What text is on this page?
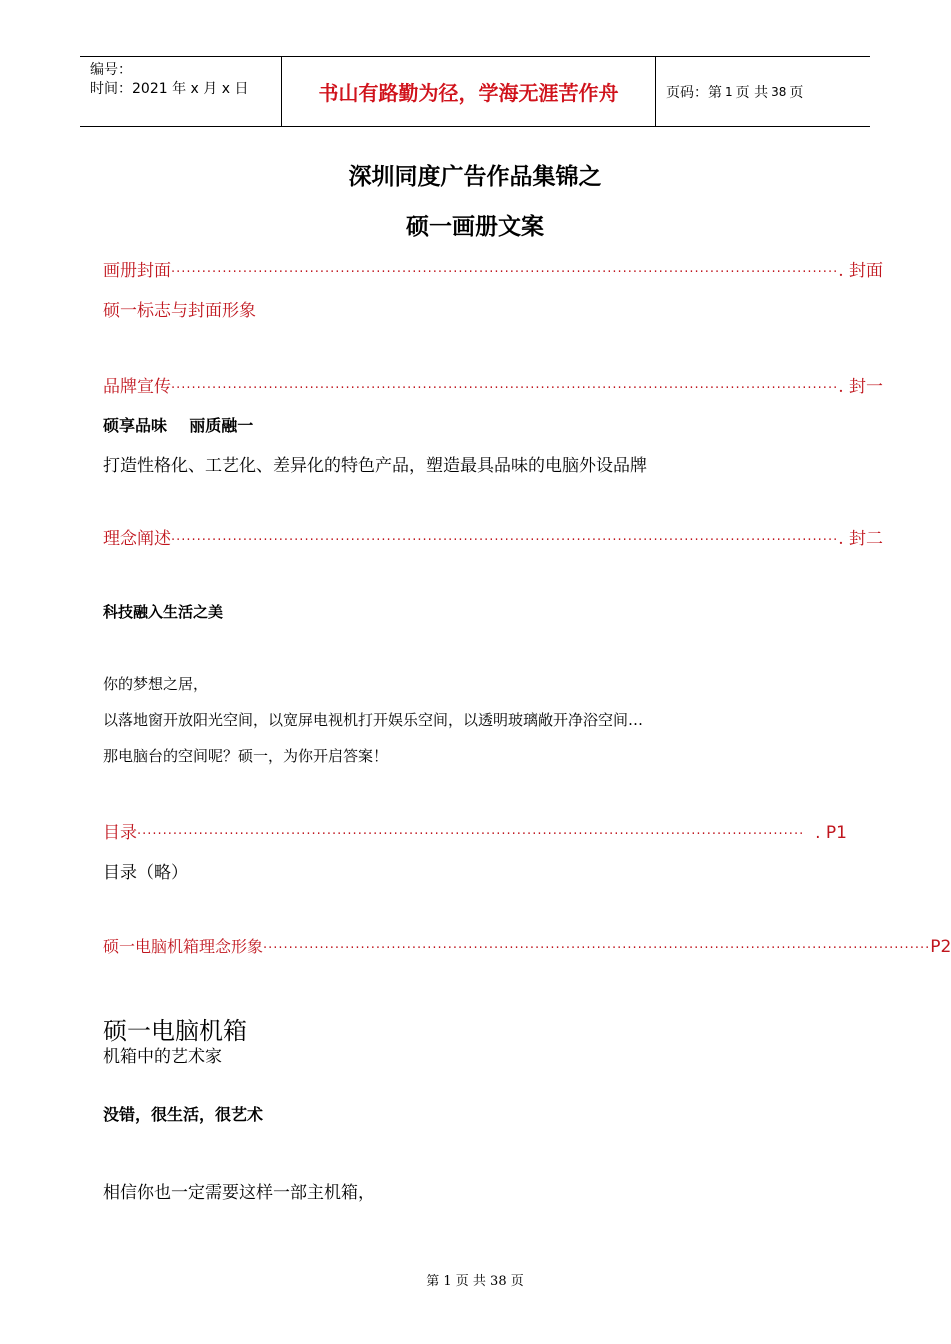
编号：
时间：2021 年 x 月 x 日	书山有路勤为径，学海无涯苦作舟	页码：第 1 页 共 38 页
深圳同度广告作品集锦之
硕一画册文案
画册封面 ·································································································································· . 封面
硕一标志与封面形象
品牌宣传 ·································································································································· . 封一
硕享品味    丽质融一
打造性格化、工艺化、差异化的特色产品，塑造最具品味的电脑外设品牌
理念阐述 ·································································································································· . 封二
科技融入生活之美
你的梦想之居，
以落地窗开放阳光空间，以宽屏电视机打开娱乐空间，以透明玻璃敞开净浴空间…
那电脑台的空间呢？硕一，为你开启答案！
目录 ·································································································································· . P1
目录（略）
硕一电脑机箱理念形象 ·································································································································· P2
硕一电脑机箱
机箱中的艺术家
没错，很生活，很艺术
相信你也一定需要这样一部主机箱，
第 1 页 共 38 页
